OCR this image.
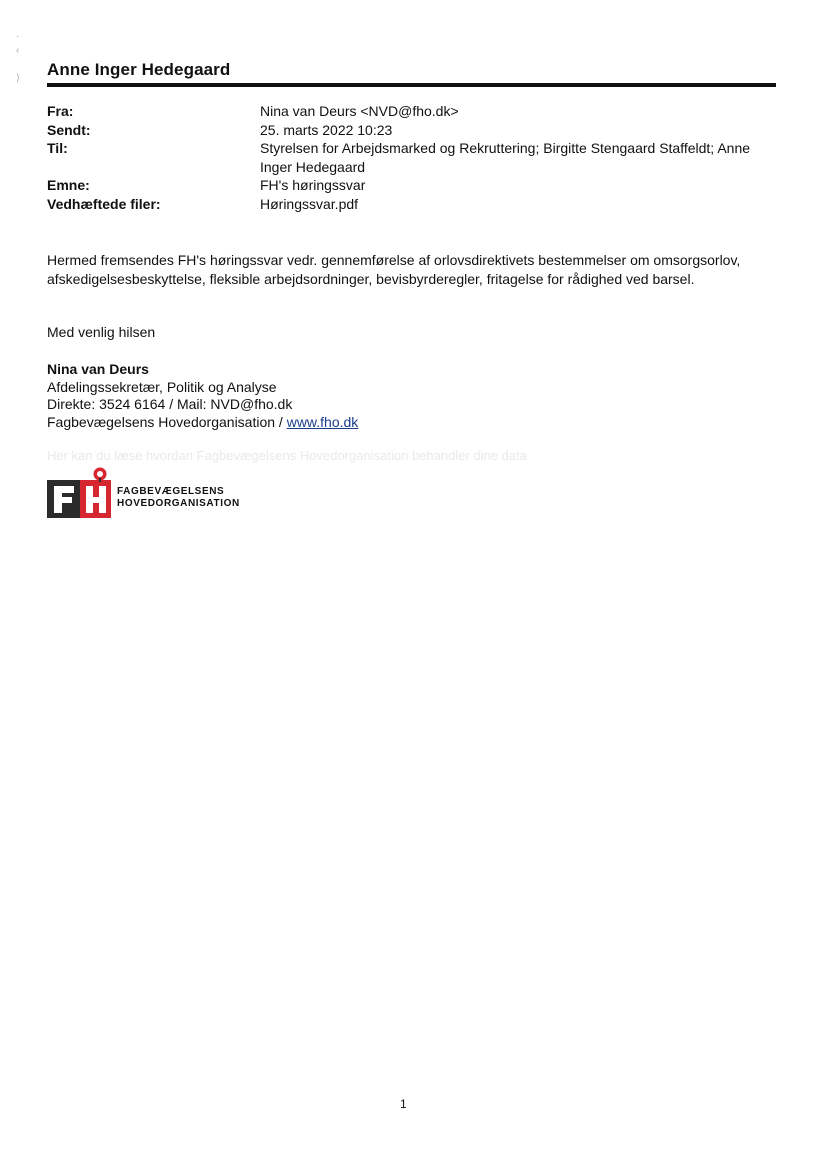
·
‹

⟩ Anne Inger Hedegaard
Fra:	Nina van Deurs <NVD@fho.dk>
Sendt:	25. marts 2022 10:23
Til:	Styrelsen for Arbejdsmarked og Rekruttering; Birgitte Stengaard Staffeldt; Anne Inger Hedegaard
Emne:	FH's høringssvar
Vedhæftede filer:	Høringssvar.pdf
Hermed fremsendes FH's høringssvar vedr. gennemførelse af orlovsdirektivets bestemmelser om omsorgsorlov, afskedigelsesbeskyttelse, fleksible arbejdsordninger, bevisbyrderegler, fritagelse for rådighed ved barsel.
Med venlig hilsen
Nina van Deurs
Afdelingssekretær, Politik og Analyse
Direkte: 3524 6164 / Mail: NVD@fho.dk
Fagbevægelsens Hovedorganisation / www.fho.dk
Her kan du læse hvordan Fagbevægelsens Hovedorganisation behandler dine data
FAGBEVÆGELSENS
HOVEDORGANISATION
1
